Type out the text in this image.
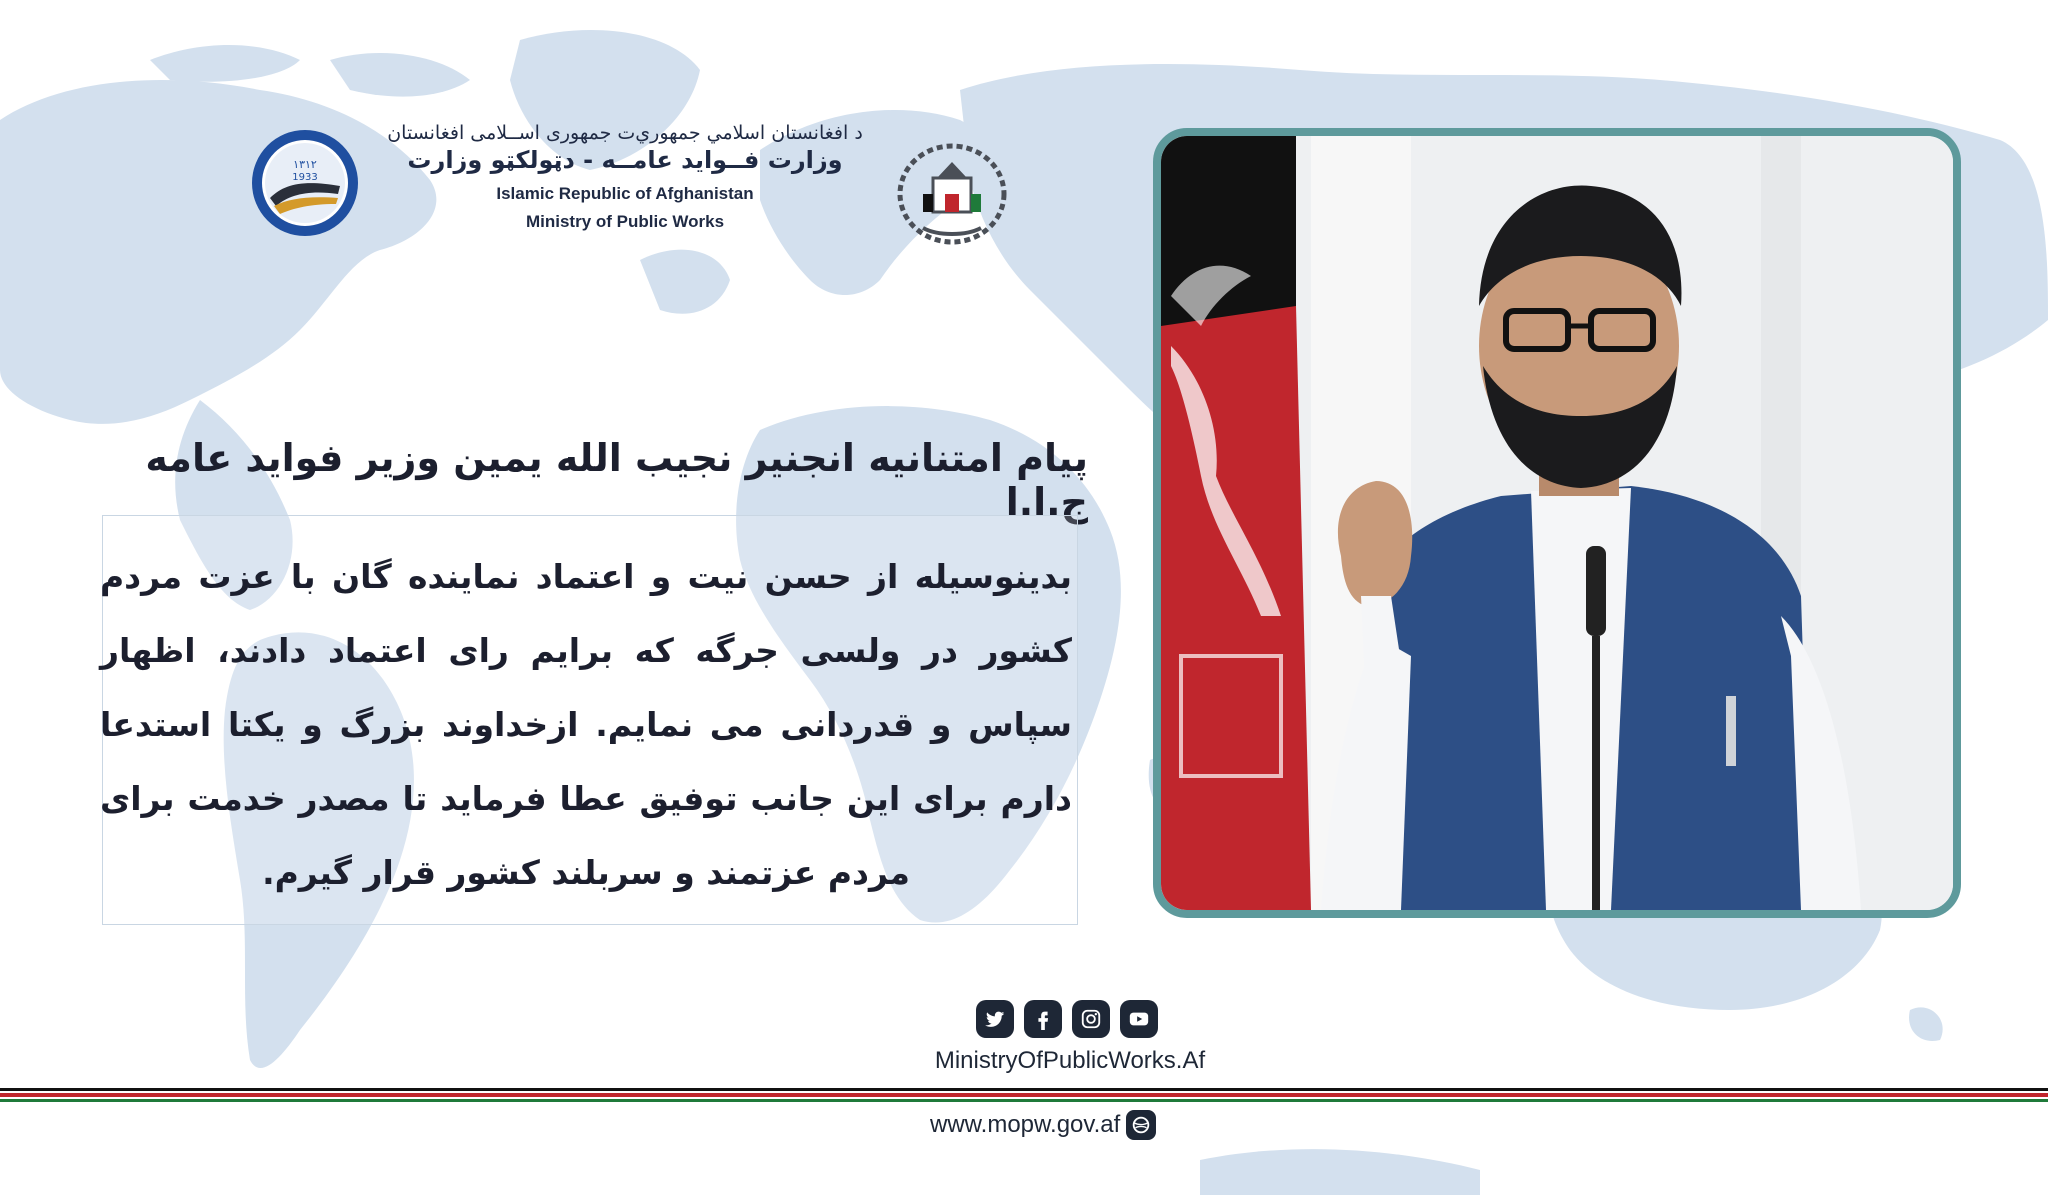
۱۳۱۲
1933
د افغانستان اسلامي جمهوري‌ت جمهوری اســلامی افغانستان
وزارت فــواید عامــه - دټولکټو وزارت
Islamic Republic of Afghanistan
Ministry of Public Works
پیام امتنانیه انجنیر نجیب الله یمین وزیر فواید عامه ج.ا.ا
بدینوسیله از حسن نیت و اعتماد نماینده گان با عزت مردم کشور در ولسی جرگه که برایم رای اعتماد دادند، اظهار سپاس و قدردانی می نمایم. ازخداوند بزرگ و یکتا استدعا دارم برای این جانب توفیق عطا فرماید تا مصدر خدمت برای مردم عزتمند و سربلند کشور قرار گیرم.
MinistryOfPublicWorks.Af
www.mopw.gov.af
